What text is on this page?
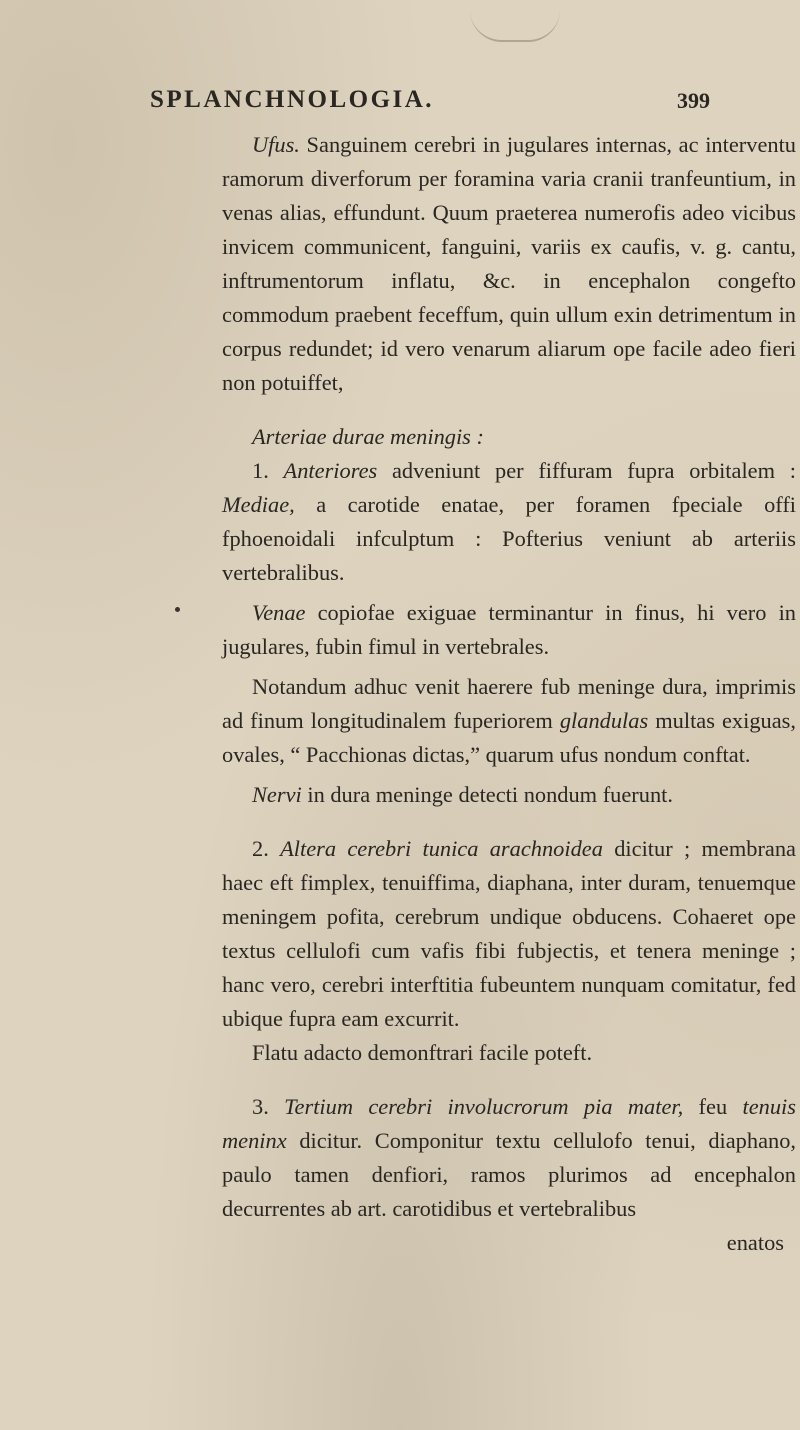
SPLANCHNOLOGIA.	399

Ufus. Sanguinem cerebri in jugulares internas, ac interventu ramorum diverforum per foramina varia cranii tranfeuntium, in venas alias, effundunt. Quum praeterea numerofis adeo vicibus invicem communicent, fanguini, variis ex caufis, v. g. cantu, inftrumentorum inflatu, &c. in encephalon congefto commodum praebent feceffum, quin ullum exin detrimentum in corpus redundet; id vero venarum aliarum ope facile adeo fieri non potuiffet,

Arteriae durae meningis :

1. Anteriores adveniunt per fiffuram fupra orbitalem : Mediae, a carotide enatae, per foramen fpeciale offi fphoenoidali infculptum : Pofterius veniunt ab arteriis vertebralibus.

Venae copiofae exiguae terminantur in finus, hi vero in jugulares, fubin fimul in vertebrales.

Notandum adhuc venit haerere fub meninge dura, imprimis ad finum longitudinalem fuperiorem glandulas multas exiguas, ovales, “ Pacchionas dictas,” quarum ufus nondum conftat.

Nervi in dura meninge detecti nondum fuerunt.

2. Altera cerebri tunica arachnoidea dicitur ; membrana haec eft fimplex, tenuiffima, diaphana, inter duram, tenuemque meningem pofita, cerebrum undique obducens. Cohaeret ope textus cellulofi cum vafis fibi fubjectis, et tenera meninge ; hanc vero, cerebri interftitia fubeuntem nunquam comitatur, fed ubique fupra eam excurrit.

Flatu adacto demonftrari facile poteft.

3. Tertium cerebri involucrorum pia mater, feu tenuis meninx dicitur. Componitur textu cellulofo tenui, diaphano, paulo tamen denfiori, ramos plurimos ad encephalon decurrentes ab art. carotidibus et vertebralibus

enatos
